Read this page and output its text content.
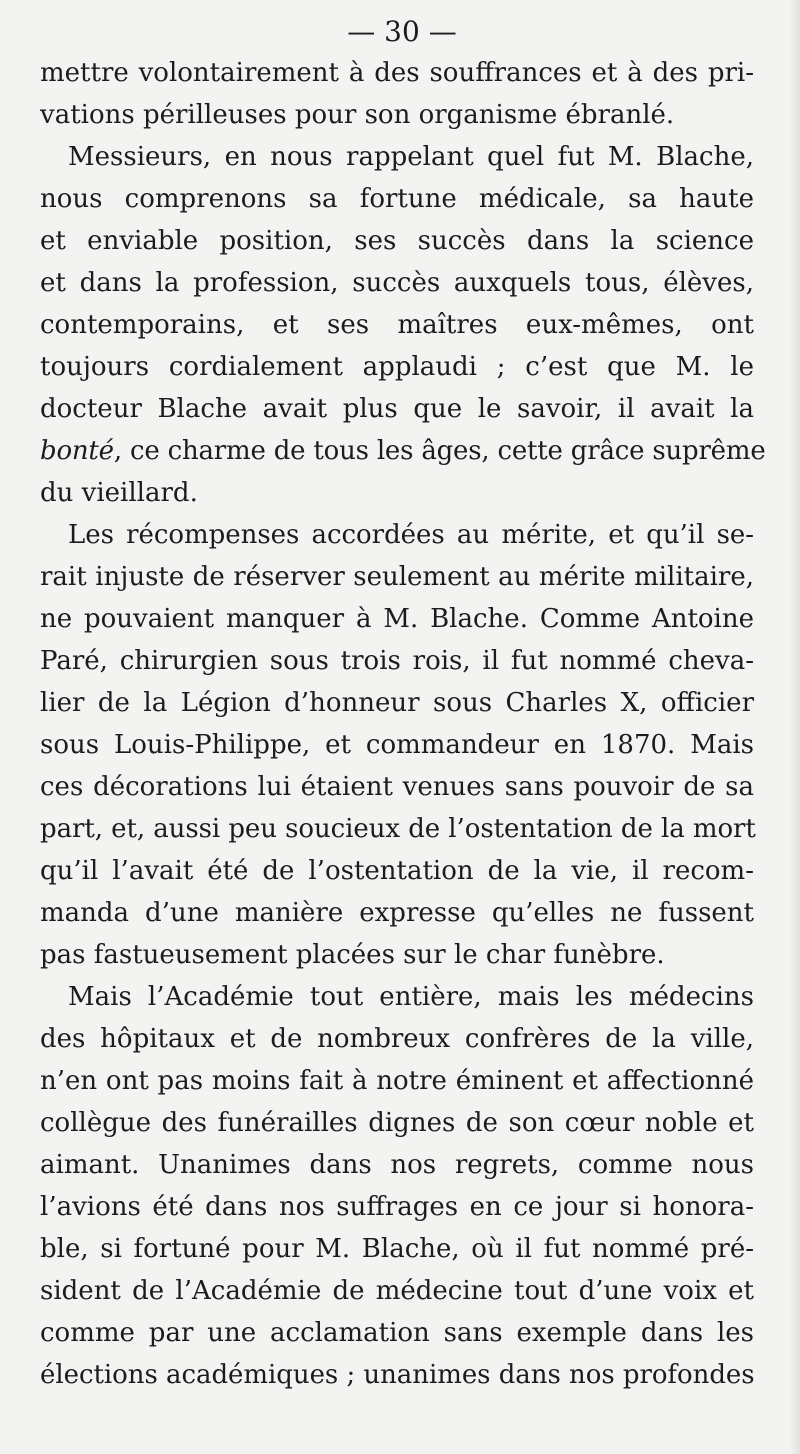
— 30 —
mettre volontairement à des souffrances et à des pri-
vations périlleuses pour son organisme ébranlé.
Messieurs, en nous rappelant quel fut M. Blache,
nous comprenons sa fortune médicale, sa haute
et enviable position, ses succès dans la science
et dans la profession, succès auxquels tous, élèves,
contemporains, et ses maîtres eux-mêmes, ont
toujours cordialement applaudi ; c’est que M. le
docteur Blache avait plus que le savoir, il avait la
bonté, ce charme de tous les âges, cette grâce suprême
du vieillard.
Les récompenses accordées au mérite, et qu’il se-
rait injuste de réserver seulement au mérite militaire,
ne pouvaient manquer à M. Blache. Comme Antoine
Paré, chirurgien sous trois rois, il fut nommé cheva-
lier de la Légion d’honneur sous Charles X, officier
sous Louis-Philippe, et commandeur en 1870. Mais
ces décorations lui étaient venues sans pouvoir de sa
part, et, aussi peu soucieux de l’ostentation de la mort
qu’il l’avait été de l’ostentation de la vie, il recom-
manda d’une manière expresse qu’elles ne fussent
pas fastueusement placées sur le char funèbre.
Mais l’Académie tout entière, mais les médecins
des hôpitaux et de nombreux confrères de la ville,
n’en ont pas moins fait à notre éminent et affectionné
collègue des funérailles dignes de son cœur noble et
aimant. Unanimes dans nos regrets, comme nous
l’avions été dans nos suffrages en ce jour si honora-
ble, si fortuné pour M. Blache, où il fut nommé pré-
sident de l’Académie de médecine tout d’une voix et
comme par une acclamation sans exemple dans les
élections académiques ; unanimes dans nos profondes
